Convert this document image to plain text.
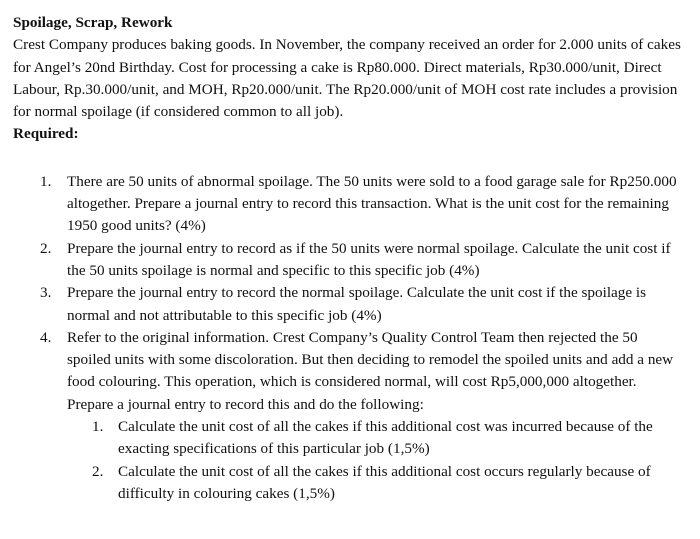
Spoilage, Scrap, Rework

Crest Company produces baking goods. In November, the company received an order for 2.000 units of cakes for Angel’s 20nd Birthday. Cost for processing a cake is Rp80.000. Direct materials, Rp30.000/unit, Direct Labour, Rp.30.000/unit, and MOH, Rp20.000/unit. The Rp20.000/unit of MOH cost rate includes a provision for normal spoilage (if considered common to all job).

Required:
1. There are 50 units of abnormal spoilage. The 50 units were sold to a food garage sale for Rp250.000 altogether. Prepare a journal entry to record this transaction. What is the unit cost for the remaining 1950 good units? (4%)
2. Prepare the journal entry to record as if the 50 units were normal spoilage. Calculate the unit cost if the 50 units spoilage is normal and specific to this specific job (4%)
3. Prepare the journal entry to record the normal spoilage. Calculate the unit cost if the spoilage is normal and not attributable to this specific job (4%)
4. Refer to the original information. Crest Company’s Quality Control Team then rejected the 50 spoiled units with some discoloration. But then deciding to remodel the spoiled units and add a new food colouring. This operation, which is considered normal, will cost Rp5,000,000 altogether. Prepare a journal entry to record this and do the following:
1. Calculate the unit cost of all the cakes if this additional cost was incurred because of the exacting specifications of this particular job (1,5%)
2. Calculate the unit cost of all the cakes if this additional cost occurs regularly because of difficulty in colouring cakes (1,5%)
